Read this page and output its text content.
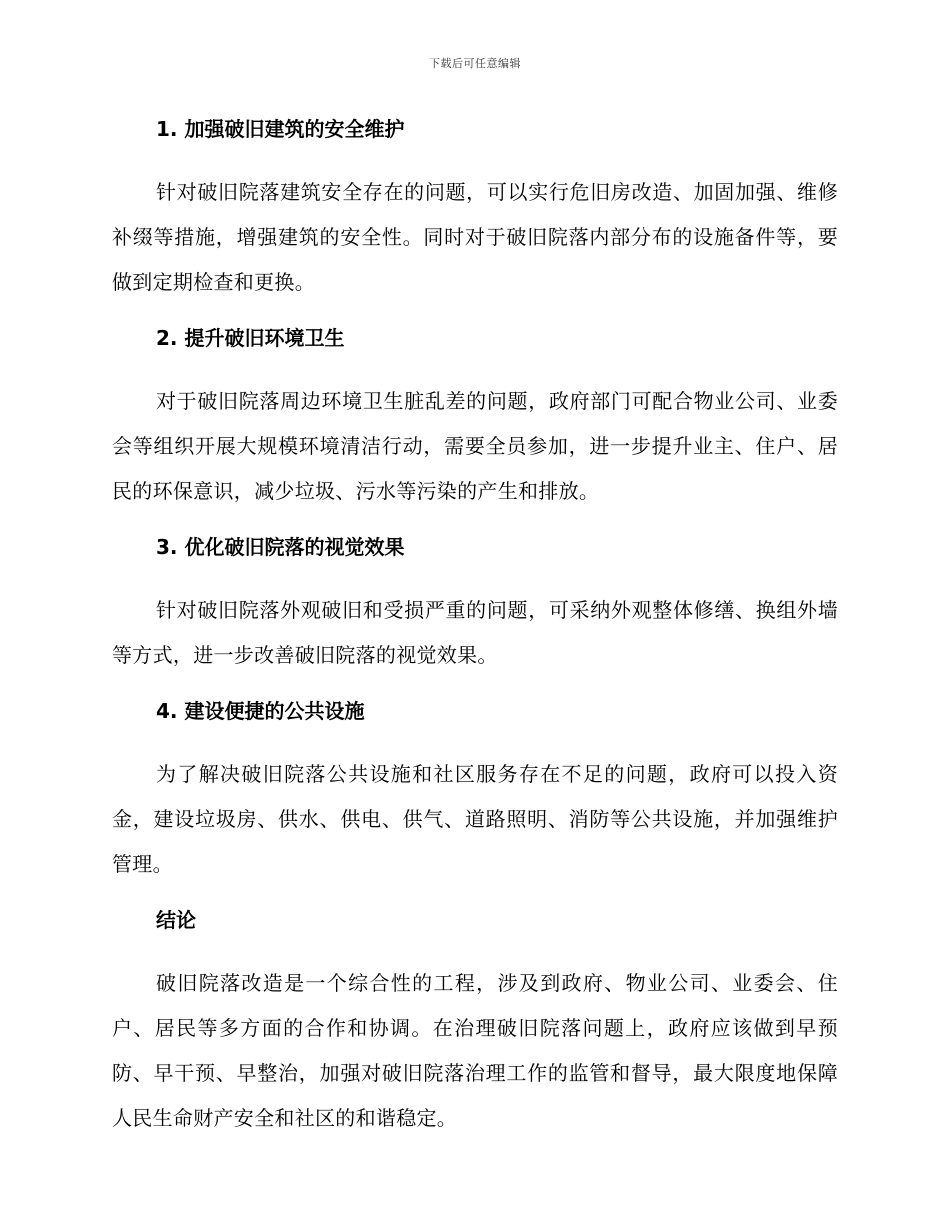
下载后可任意编辑
1. 加强破旧建筑的安全维护

针对破旧院落建筑安全存在的问题，可以实行危旧房改造、加固加强、维修补缀等措施，增强建筑的安全性。同时对于破旧院落内部分布的设施备件等，要做到定期检查和更换。

2. 提升破旧环境卫生

对于破旧院落周边环境卫生脏乱差的问题，政府部门可配合物业公司、业委会等组织开展大规模环境清洁行动，需要全员参加，进一步提升业主、住户、居民的环保意识，减少垃圾、污水等污染的产生和排放。

3. 优化破旧院落的视觉效果

针对破旧院落外观破旧和受损严重的问题，可采纳外观整体修缮、换组外墙等方式，进一步改善破旧院落的视觉效果。

4. 建设便捷的公共设施

为了解决破旧院落公共设施和社区服务存在不足的问题，政府可以投入资金，建设垃圾房、供水、供电、供气、道路照明、消防等公共设施，并加强维护管理。

结论

破旧院落改造是一个综合性的工程，涉及到政府、物业公司、业委会、住户、居民等多方面的合作和协调。在治理破旧院落问题上，政府应该做到早预防、早干预、早整治，加强对破旧院落治理工作的监管和督导，最大限度地保障人民生命财产安全和社区的和谐稳定。
